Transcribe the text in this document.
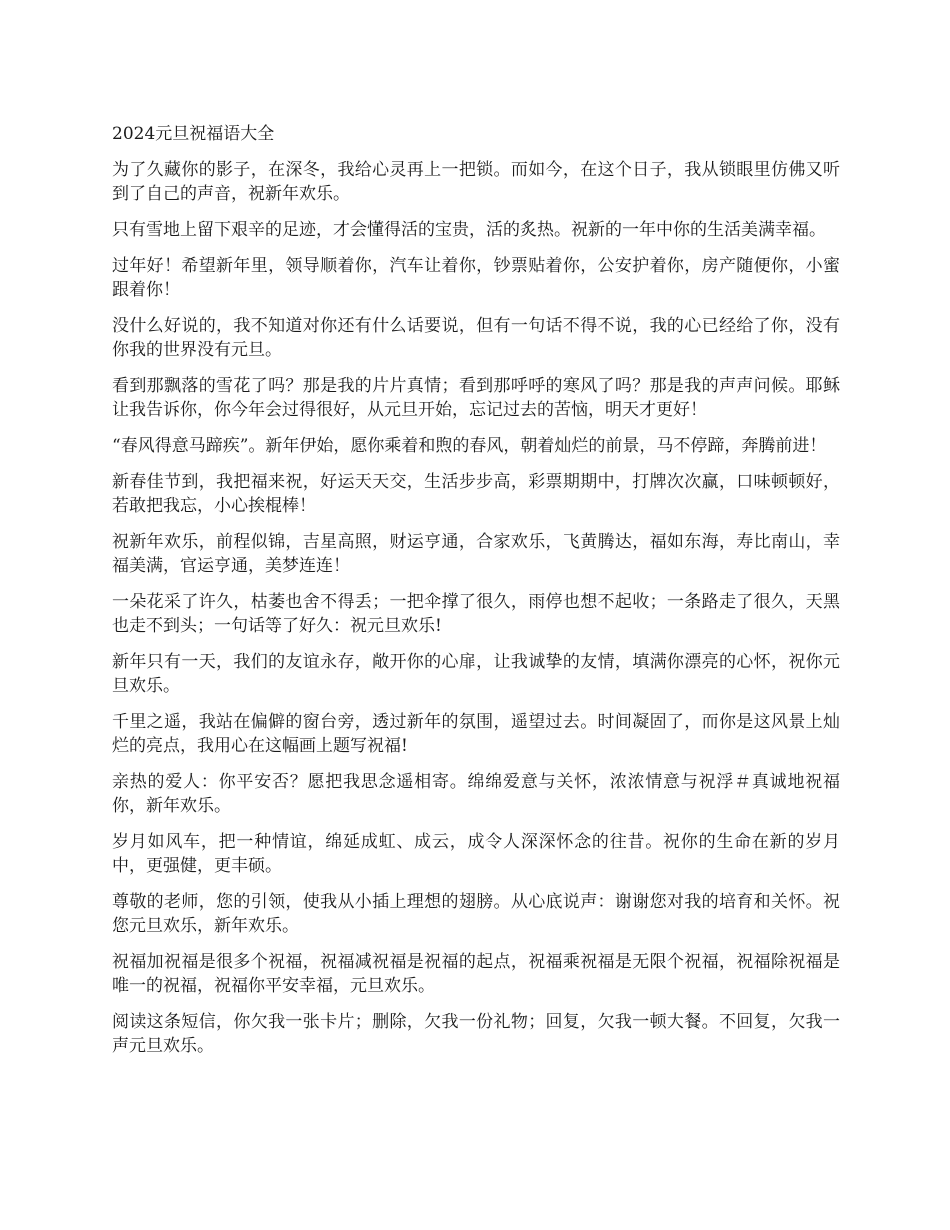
2024元旦祝福语大全

为了久藏你的影子，在深冬，我给心灵再上一把锁。而如今，在这个日子，我从锁眼里仿佛又听到了自己的声音，祝新年欢乐。

只有雪地上留下艰辛的足迹，才会懂得活的宝贵，活的炙热。祝新的一年中你的生活美满幸福。

过年好！希望新年里，领导顺着你，汽车让着你，钞票贴着你，公安护着你，房产随便你，小蜜跟着你！

没什么好说的，我不知道对你还有什么话要说，但有一句话不得不说，我的心已经给了你，没有你我的世界没有元旦。

看到那飘落的雪花了吗？那是我的片片真情；看到那呼呼的寒风了吗？那是我的声声问候。耶稣让我告诉你，你今年会过得很好，从元旦开始，忘记过去的苦恼，明天才更好！

“春风得意马蹄疾”。新年伊始，愿你乘着和煦的春风，朝着灿烂的前景，马不停蹄，奔腾前进！

新春佳节到，我把福来祝，好运天天交，生活步步高，彩票期期中，打牌次次赢，口味顿顿好，若敢把我忘，小心挨棍棒！

祝新年欢乐，前程似锦，吉星高照，财运亨通，合家欢乐，飞黄腾达，福如东海，寿比南山，幸福美满，官运亨通，美梦连连！

一朵花采了许久，枯萎也舍不得丢；一把伞撑了很久，雨停也想不起收；一条路走了很久，天黑也走不到头；一句话等了好久：祝元旦欢乐!

新年只有一天，我们的友谊永存，敞开你的心扉，让我诚挚的友情，填满你漂亮的心怀，祝你元旦欢乐。

千里之遥，我站在偏僻的窗台旁，透过新年的氛围，遥望过去。时间凝固了，而你是这风景上灿烂的亮点，我用心在这幅画上题写祝福!

亲热的爱人：你平安否？愿把我思念遥相寄。绵绵爱意与关怀，浓浓情意与祝浮＃真诚地祝福你，新年欢乐。

岁月如风车，把一种情谊，绵延成虹、成云，成令人深深怀念的往昔。祝你的生命在新的岁月中，更强健，更丰硕。

尊敬的老师，您的引领，使我从小插上理想的翅膀。从心底说声：谢谢您对我的培育和关怀。祝您元旦欢乐，新年欢乐。

祝福加祝福是很多个祝福，祝福减祝福是祝福的起点，祝福乘祝福是无限个祝福，祝福除祝福是唯一的祝福，祝福你平安幸福，元旦欢乐。

阅读这条短信，你欠我一张卡片；删除，欠我一份礼物；回复，欠我一顿大餐。不回复，欠我一声元旦欢乐。
